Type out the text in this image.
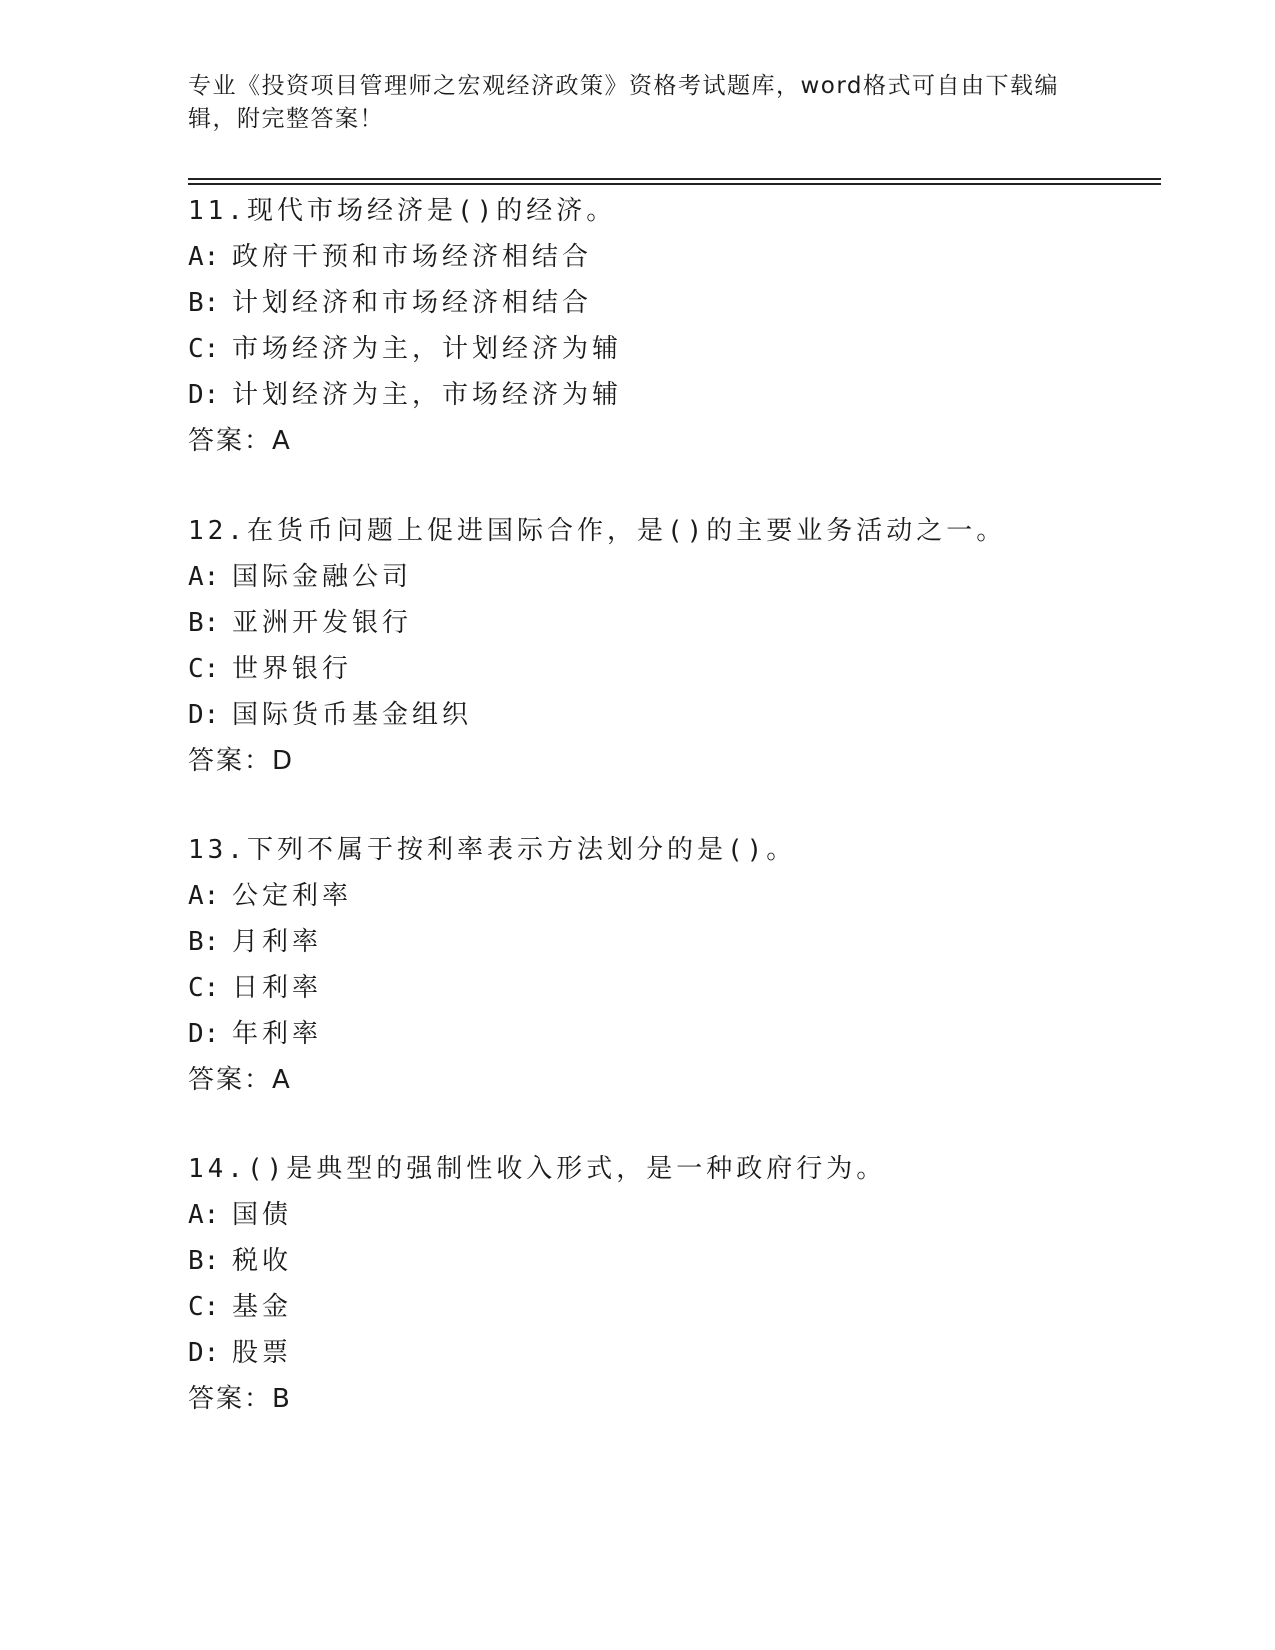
专业《投资项目管理师之宏观经济政策》资格考试题库，word格式可自由下载编辑，附完整答案！
11.现代市场经济是()的经济。
A: 政府干预和市场经济相结合
B: 计划经济和市场经济相结合
C: 市场经济为主，计划经济为辅
D: 计划经济为主，市场经济为辅
答案：A
12.在货币问题上促进国际合作，是()的主要业务活动之一。
A: 国际金融公司
B: 亚洲开发银行
C: 世界银行
D: 国际货币基金组织
答案：D
13.下列不属于按利率表示方法划分的是()。
A: 公定利率
B: 月利率
C: 日利率
D: 年利率
答案：A
14.()是典型的强制性收入形式，是一种政府行为。
A: 国债
B: 税收
C: 基金
D: 股票
答案：B
